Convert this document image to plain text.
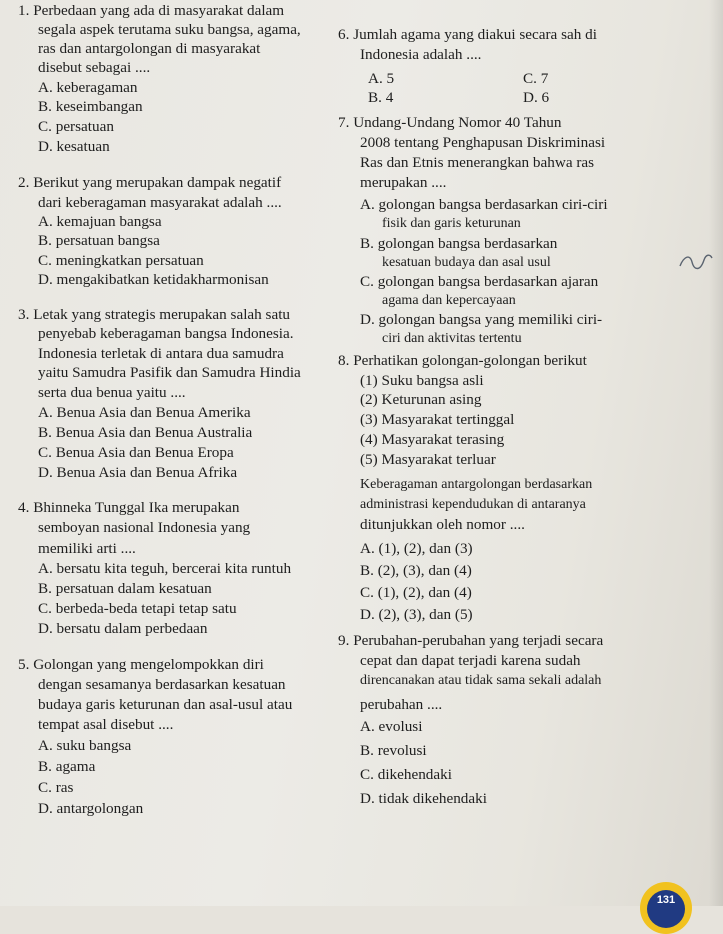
1. Perbedaan yang ada di masyarakat dalam
segala aspek terutama suku bangsa, agama,
ras dan antargolongan di masyarakat
disebut sebagai ....
A. keberagaman
B. keseimbangan
C. persatuan
D. kesatuan
2. Berikut yang merupakan dampak negatif
dari keberagaman masyarakat adalah ....
A. kemajuan bangsa
B. persatuan bangsa
C. meningkatkan persatuan
D. mengakibatkan ketidakharmonisan
3. Letak yang strategis merupakan salah satu
penyebab keberagaman bangsa Indonesia.
Indonesia terletak di antara dua samudra
yaitu Samudra Pasifik dan Samudra Hindia
serta dua benua yaitu ....
A. Benua Asia dan Benua Amerika
B. Benua Asia dan Benua Australia
C. Benua Asia dan Benua Eropa
D. Benua Asia dan Benua Afrika
4. Bhinneka Tunggal Ika merupakan
semboyan nasional Indonesia yang
memiliki arti ....
A. bersatu kita teguh, bercerai kita runtuh
B. persatuan dalam kesatuan
C. berbeda-beda tetapi tetap satu
D. bersatu dalam perbedaan
5. Golongan yang mengelompokkan diri
dengan sesamanya berdasarkan kesatuan
budaya garis keturunan dan asal-usul atau
tempat asal disebut ....
A. suku bangsa
B. agama
C. ras
D. antargolongan
6. Jumlah agama yang diakui secara sah di
Indonesia adalah ....
A. 5	C. 7
B. 4	D. 6
7. Undang-Undang Nomor 40 Tahun
2008 tentang Penghapusan Diskriminasi
Ras dan Etnis menerangkan bahwa ras
merupakan ....
A. golongan bangsa berdasarkan ciri-ciri
fisik dan garis keturunan
B. golongan bangsa berdasarkan
kesatuan budaya dan asal usul
C. golongan bangsa berdasarkan ajaran
agama dan kepercayaan
D. golongan bangsa yang memiliki ciri-
ciri dan aktivitas tertentu
8. Perhatikan golongan-golongan berikut
(1) Suku bangsa asli
(2) Keturunan asing
(3) Masyarakat tertinggal
(4) Masyarakat terasing
(5) Masyarakat terluar
Keberagaman antargolongan berdasarkan
administrasi kependudukan di antaranya
ditunjukkan oleh nomor ....
A. (1), (2), dan (3)
B. (2), (3), dan (4)
C. (1), (2), dan (4)
D. (2), (3), dan (5)
9. Perubahan-perubahan yang terjadi secara
cepat dan dapat terjadi karena sudah
direncanakan atau tidak sama sekali adalah
perubahan ....
A. evolusi
B. revolusi
C. dikehendaki
D. tidak dikehendaki
131
